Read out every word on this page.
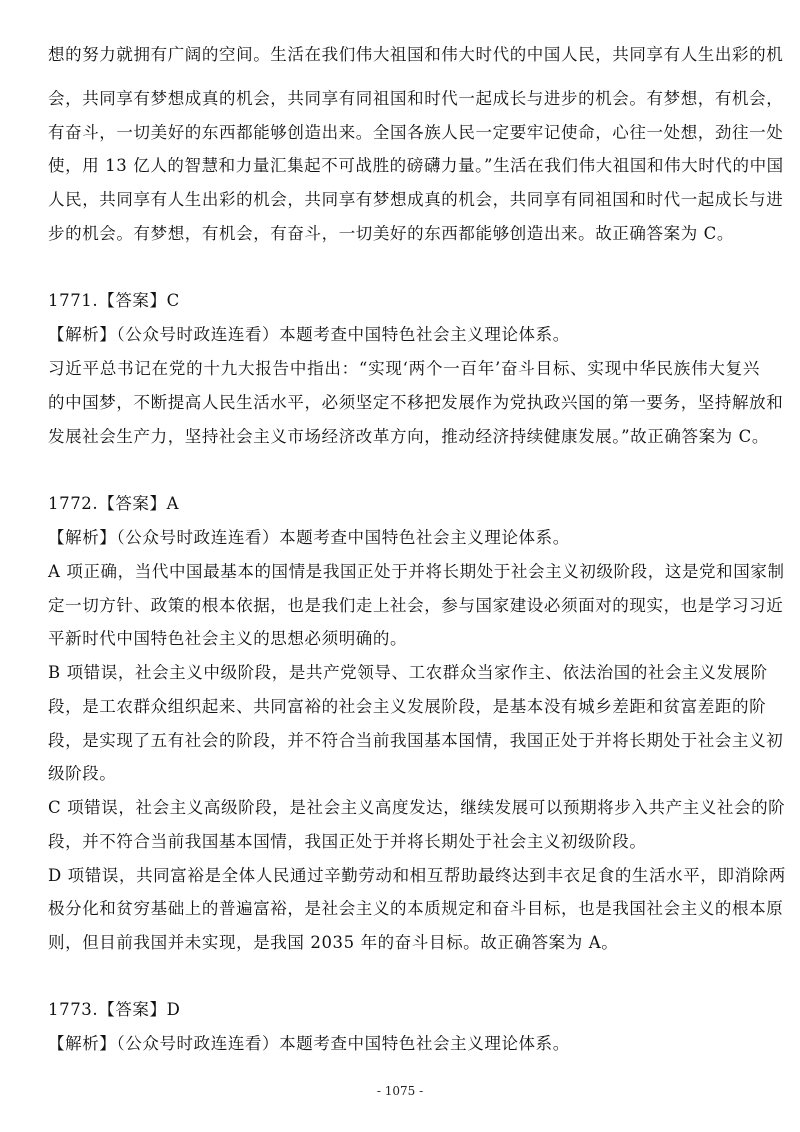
想的努力就拥有广阔的空间。生活在我们伟大祖国和伟大时代的中国人民，共同享有人生出彩的机
会，共同享有梦想成真的机会，共同享有同祖国和时代一起成长与进步的机会。有梦想，有机会，
有奋斗，一切美好的东西都能够创造出来。全国各族人民一定要牢记使命，心往一处想，劲往一处
使，用 13 亿人的智慧和力量汇集起不可战胜的磅礴力量。”生活在我们伟大祖国和伟大时代的中国
人民，共同享有人生出彩的机会，共同享有梦想成真的机会，共同享有同祖国和时代一起成长与进
步的机会。有梦想，有机会，有奋斗，一切美好的东西都能够创造出来。故正确答案为 C。
1771.【答案】C
【解析】（公众号时政连连看）本题考查中国特色社会主义理论体系。
习近平总书记在党的十九大报告中指出：“实现‘两个一百年’奋斗目标、实现中华民族伟大复兴
的中国梦，不断提高人民生活水平，必须坚定不移把发展作为党执政兴国的第一要务，坚持解放和
发展社会生产力，坚持社会主义市场经济改革方向，推动经济持续健康发展。”故正确答案为 C。
1772.【答案】A
【解析】（公众号时政连连看）本题考查中国特色社会主义理论体系。
A 项正确，当代中国最基本的国情是我国正处于并将长期处于社会主义初级阶段，这是党和国家制
定一切方针、政策的根本依据，也是我们走上社会，参与国家建设必须面对的现实，也是学习习近
平新时代中国特色社会主义的思想必须明确的。
B 项错误，社会主义中级阶段，是共产党领导、工农群众当家作主、依法治国的社会主义发展阶
段，是工农群众组织起来、共同富裕的社会主义发展阶段，是基本没有城乡差距和贫富差距的阶
段，是实现了五有社会的阶段，并不符合当前我国基本国情，我国正处于并将长期处于社会主义初
级阶段。
C 项错误，社会主义高级阶段，是社会主义高度发达，继续发展可以预期将步入共产主义社会的阶
段，并不符合当前我国基本国情，我国正处于并将长期处于社会主义初级阶段。
D 项错误，共同富裕是全体人民通过辛勤劳动和相互帮助最终达到丰衣足食的生活水平，即消除两
极分化和贫穷基础上的普遍富裕，是社会主义的本质规定和奋斗目标，也是我国社会主义的根本原
则，但目前我国并未实现，是我国 2035 年的奋斗目标。故正确答案为 A。
1773.【答案】D
【解析】（公众号时政连连看）本题考查中国特色社会主义理论体系。
- 1075 -
